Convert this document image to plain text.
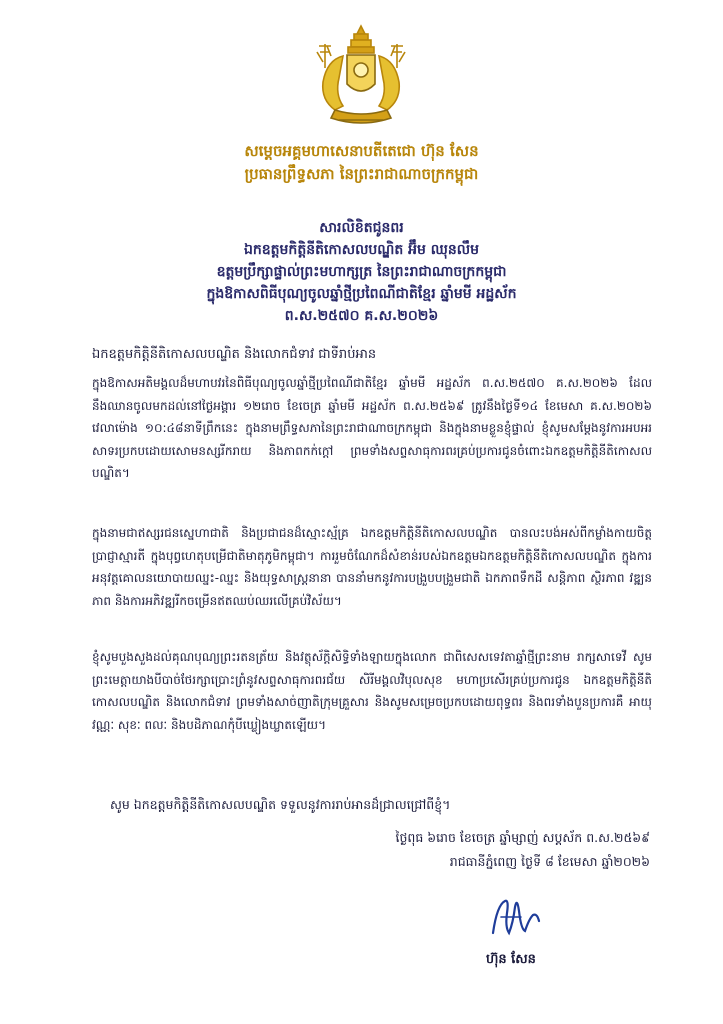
សម្តេចអគ្គមហាសេនាបតីតេជោ ហ៊ុន សែន
ប្រធានព្រឹទ្ធសភា នៃព្រះរាជាណាចក្រកម្ពុជា
សារលិខិតជូនពរ
ឯកឧត្តមកិត្តិនីតិកោសលបណ្ឌិត អ៊ឹម ឈុនលឹម
ឧត្តមប្រឹក្សាផ្ទាល់ព្រះមហាក្សត្រ នៃព្រះរាជាណាចក្រកម្ពុជា
ក្នុងឱកាសពិធីបុណ្យចូលឆ្នាំថ្មីប្រពៃណីជាតិខ្មែរ ឆ្នាំមមី អដ្ឋស័ក
ព.ស.២៥៧០ គ.ស.២០២៦
ឯកឧត្តមកិត្តិនីតិកោសលបណ្ឌិត និងលោកជំទាវ ជាទីរាប់អាន

ក្នុងឱកាសអតិមង្គលដ៏មហាបវរនៃពិធីបុណ្យចូលឆ្នាំថ្មីប្រពៃណីជាតិខ្មែរ ឆ្នាំមមី អដ្ឋស័ក ព.ស.២៥៧០ គ.ស.២០២៦ ដែលនឹងឈានចូលមកដល់នៅថ្ងៃអង្គារ ១២រោច ខែចេត្រ ឆ្នាំមមី អដ្ឋស័ក ព.ស.២៥៦៩ ត្រូវនឹងថ្ងៃទី១៤ ខែមេសា គ.ស.២០២៦ វេលាម៉ោង ១០:៤៨នាទីព្រឹកនេះ ក្នុងនាមព្រឹទ្ធសភានៃព្រះរាជាណាចក្រកម្ពុជា និងក្នុងនាមខ្លួនខ្ញុំផ្ទាល់ ខ្ញុំសូមសម្តែងនូវការអបអរសាទរប្រកបដោយសោមនស្សរីករាយ និងភាពកក់ក្តៅ ព្រមទាំងសព្ទសាធុការពរគ្រប់ប្រការជូនចំពោះឯកឧត្តមកិត្តិនីតិកោសលបណ្ឌិត។

ក្នុងនាមជាឥស្សរជនស្នេហាជាតិ និងប្រជាជនដ៏ស្មោះស្ម័គ្រ ឯកឧត្តមកិត្តិនីតិកោសលបណ្ឌិត បានលះបង់អស់ពីកម្លាំងកាយចិត្ត ប្រាជ្ញាស្មារតី ក្នុងបុព្វហេតុបម្រើជាតិមាតុភូមិកម្ពុជា។ ការរួមចំណែកដ៏សំខាន់របស់ឯកឧត្តមឯកឧត្តមកិត្តិនីតិកោសលបណ្ឌិត ក្នុងការអនុវត្តគោលនយោបាយឈ្នះ-ឈ្នះ និងយុទ្ធសាស្ត្រនានា បាននាំមកនូវការបង្រួបបង្រួមជាតិ ឯកភាពទឹកដី សន្តិភាព ស្ថិរភាព វឌ្ឍនភាព និងការអភិវឌ្ឍរីកចម្រើនឥតឈប់ឈរលើគ្រប់វិស័យ។

ខ្ញុំសូមបួងសួងដល់គុណបុណ្យព្រះរតនត្រ័យ និងវត្ថុស័ក្តិសិទ្ធិទាំងឡាយក្នុងលោក ជាពិសេសទេវតាឆ្នាំថ្មីព្រះនាម រាក្សសាទេវី សូមព្រះមេត្តាយាងបីបាច់ថែរក្សាប្រោះព្រំនូវសព្ទសាធុការពរជ័យ សិរីមង្គលវិបុលសុខ មហាប្រសើរគ្រប់ប្រការជូន ឯកឧត្តមកិត្តិនីតិកោសលបណ្ឌិត និងលោកជំទាវ ព្រមទាំងសាច់ញាតិក្រុមគ្រួសារ និងសូមសម្រេចប្រកបដោយពុទ្ធពរ និងពរទាំងបួនប្រការគឺ អាយុ វណ្ណៈ សុខៈ ពលៈ និងបដិភាណកុំបីឃ្លៀងឃ្លាតឡើយ។

សូម ឯកឧត្តមកិត្តិនីតិកោសលបណ្ឌិត ទទួលនូវការរាប់អានដ៏ជ្រាលជ្រៅពីខ្ញុំ។
ថ្ងៃពុធ ៦រោច ខែចេត្រ ឆ្នាំម្សាញ់ សប្តស័ក ព.ស.២៥៦៩
រាជធានីភ្នំពេញ ថ្ងៃទី ៨ ខែមេសា ឆ្នាំ២០២៦
ហ៊ុន សែន
